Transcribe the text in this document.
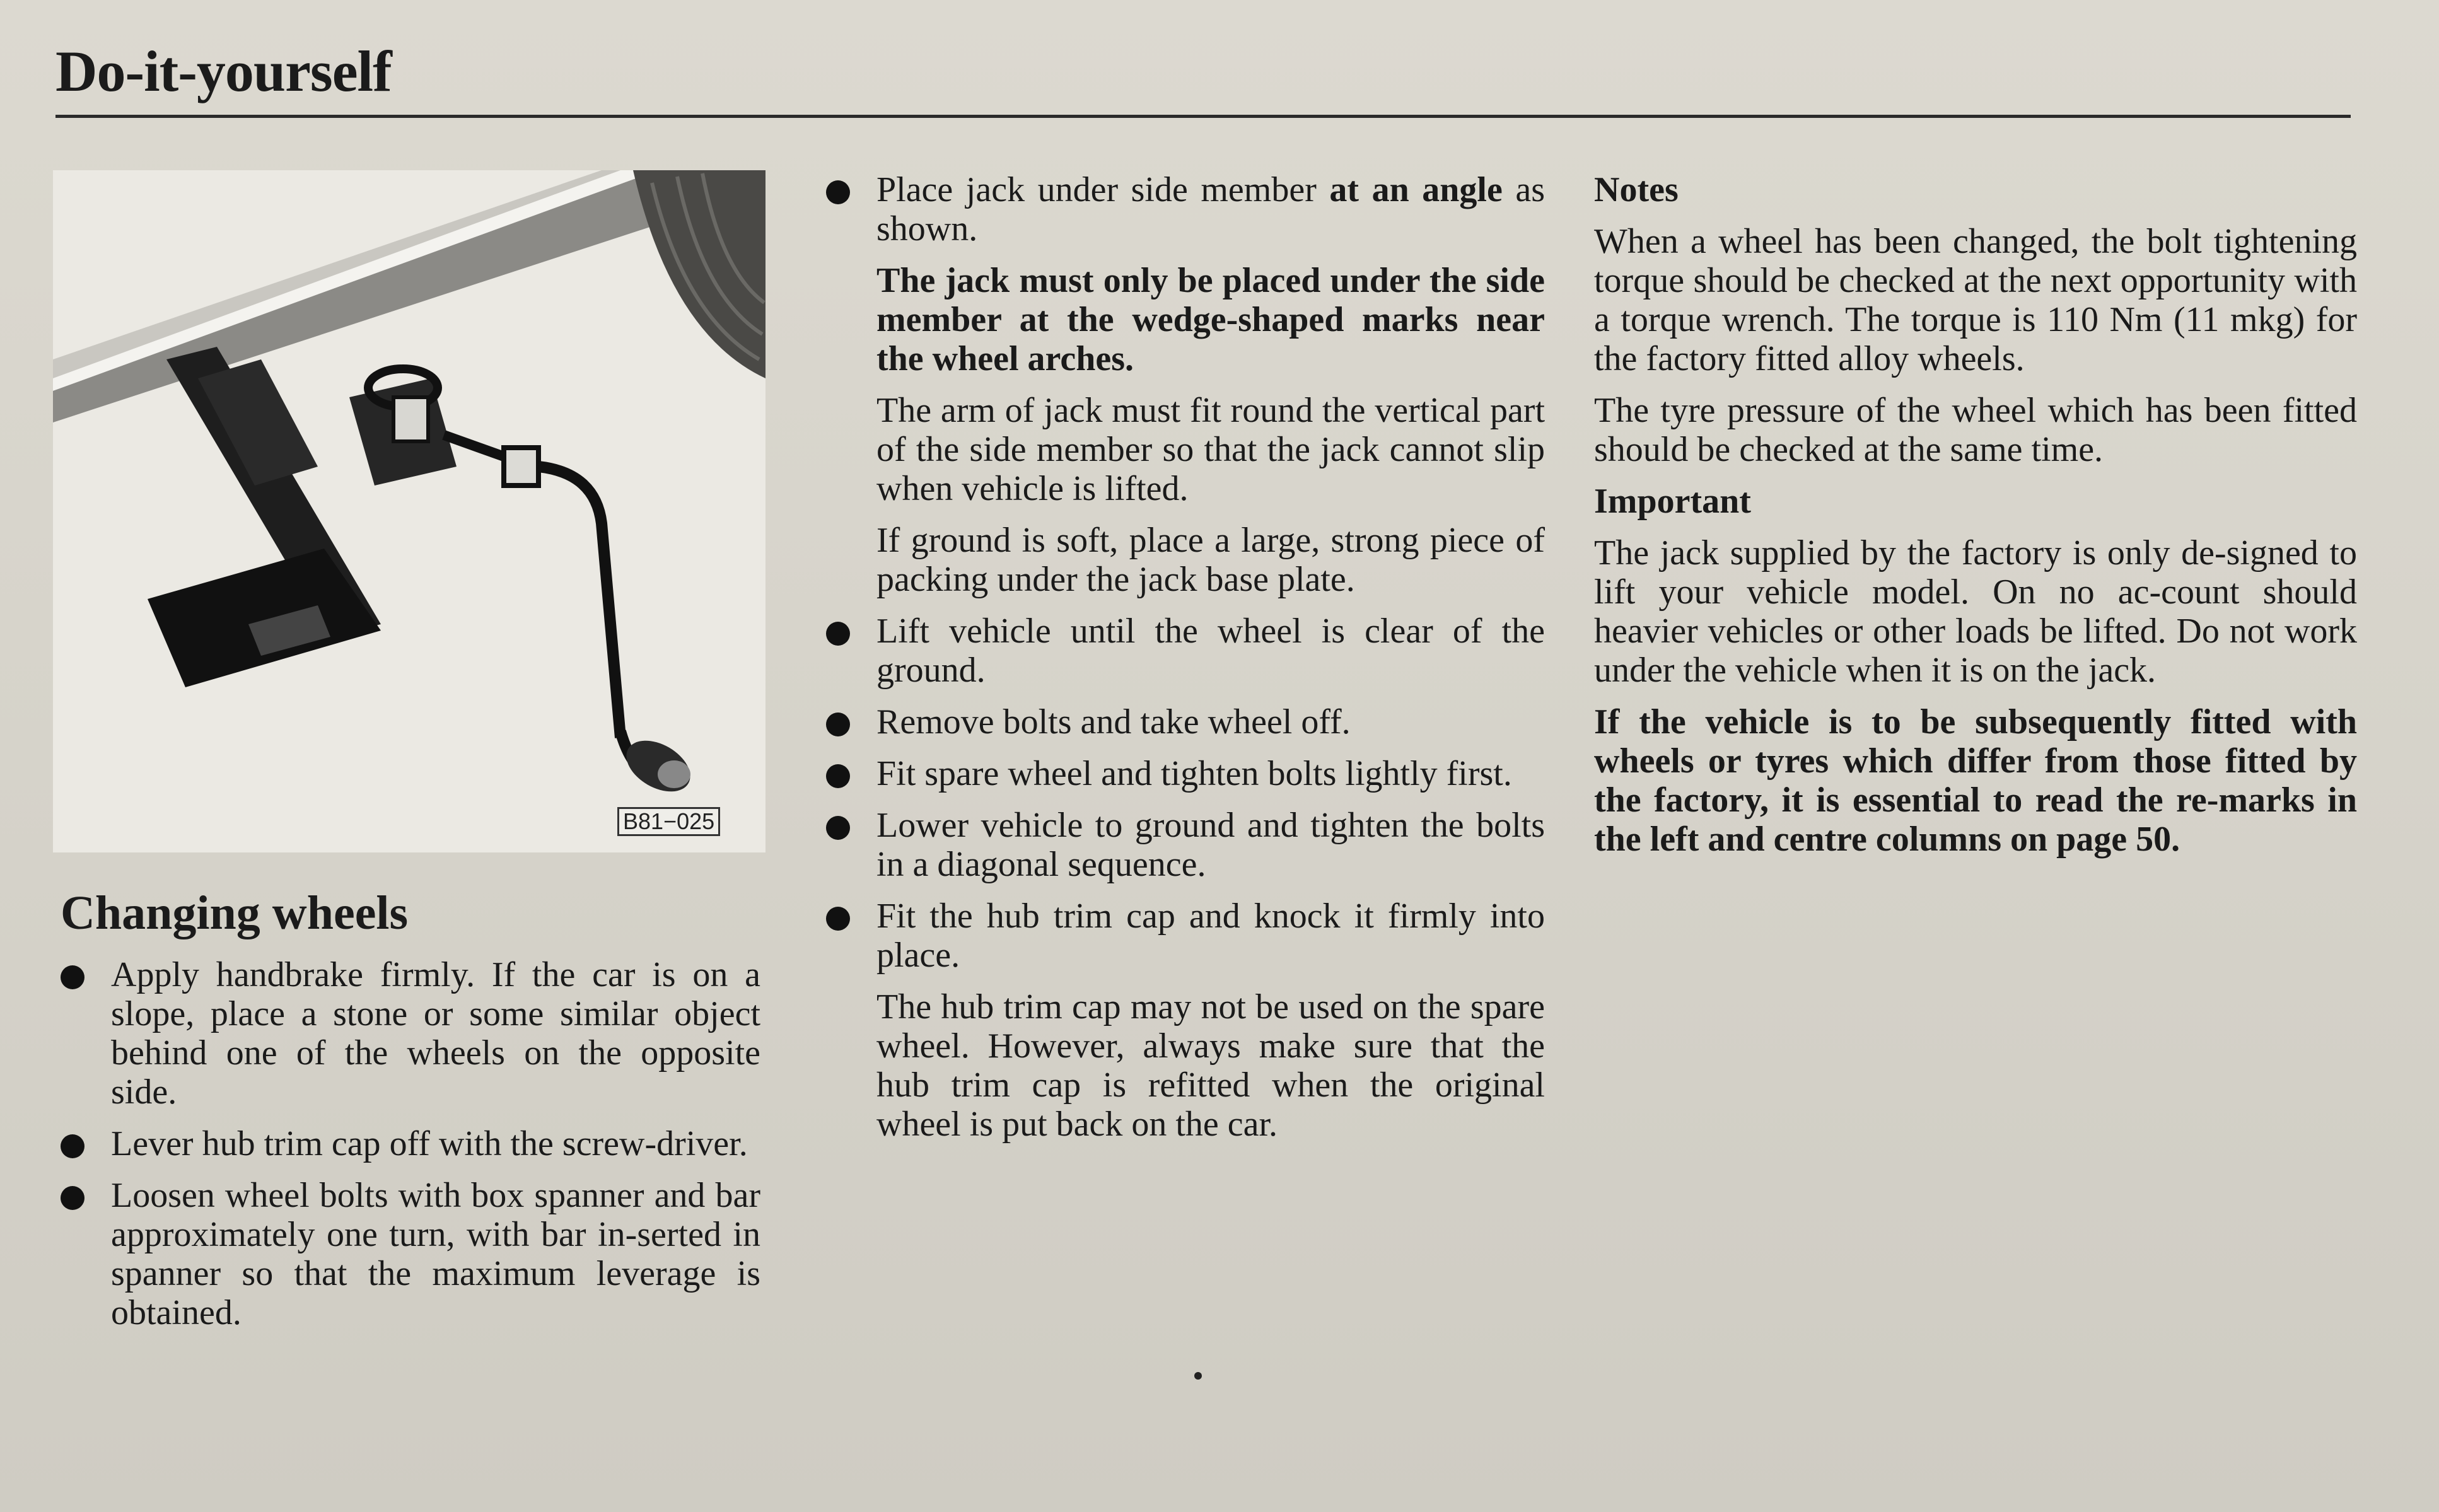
Do-it-yourself
B81−025
Changing wheels
Apply handbrake firmly. If the car is on a slope, place a stone or some similar object behind one of the wheels on the opposite side.
Lever hub trim cap off with the screw-driver.
Loosen wheel bolts with box spanner and bar approximately one turn, with bar in-serted in spanner so that the maximum leverage is obtained.
Place jack under side member at an angle as shown.

The jack must only be placed under the side member at the wedge-shaped marks near the wheel arches.

The arm of jack must fit round the vertical part of the side member so that the jack cannot slip when vehicle is lifted.

If ground is soft, place a large, strong piece of packing under the jack base plate.

Lift vehicle until the wheel is clear of the ground.
Remove bolts and take wheel off.
Fit spare wheel and tighten bolts lightly first.
Lower vehicle to ground and tighten the bolts in a diagonal sequence.
Fit the hub trim cap and knock it firmly into place.

The hub trim cap may not be used on the spare wheel. However, always make sure that the hub trim cap is refitted when the original wheel is put back on the car.

Notes

When a wheel has been changed, the bolt tightening torque should be checked at the next opportunity with a torque wrench. The torque is 110 Nm (11 mkg) for the factory fitted alloy wheels.

The tyre pressure of the wheel which has been fitted should be checked at the same time.

Important

The jack supplied by the factory is only de-signed to lift your vehicle model. On no ac-count should heavier vehicles or other loads be lifted. Do not work under the vehicle when it is on the jack.

If the vehicle is to be subsequently fitted with wheels or tyres which differ from those fitted by the factory, it is essential to read the re-marks in the left and centre columns on page 50.
